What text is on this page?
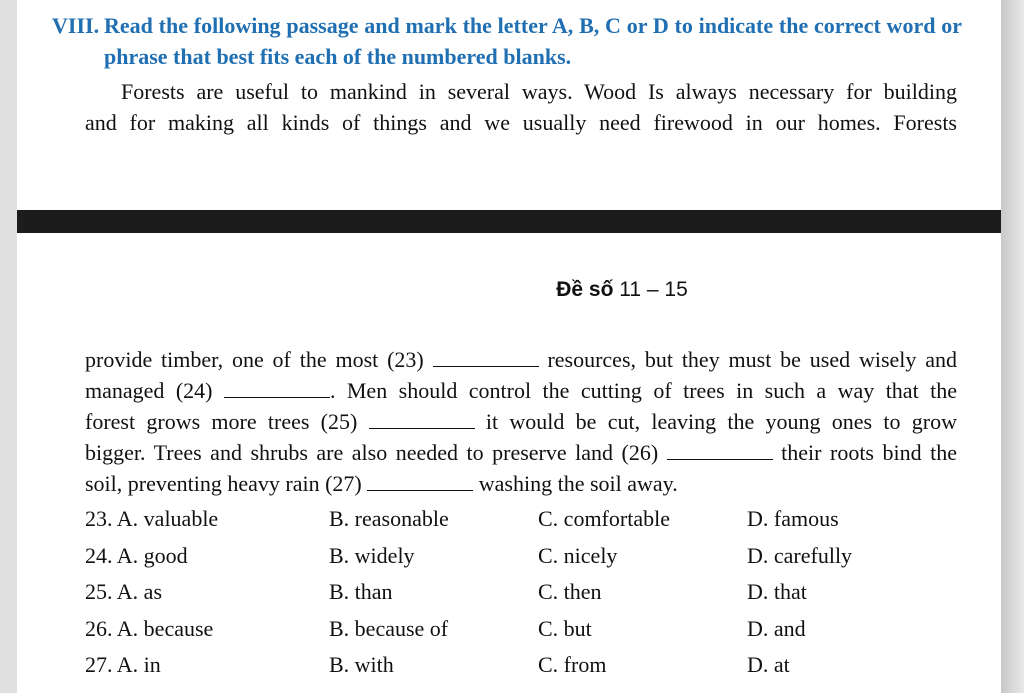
VIII. Read the following passage and mark the letter A, B, C or D to indicate the correct word or phrase that best fits each of the numbered blanks.
Forests are useful to mankind in several ways. Wood Is always necessary for building
and for making all kinds of things and we usually need firewood in our homes. Forests
Đề số 11 – 15
provide timber, one of the most (23)	resources, but they must be used wisely and
managed (24)	. Men should control the cutting of trees in such a way that the
forest grows more trees (25)	it would be cut, leaving the young ones to grow
bigger. Trees and shrubs are also needed to preserve land (26)	their roots bind the
soil, preventing heavy rain (27)	washing the soil away.
23. A. valuable	B. reasonable	C. comfortable	D. famous
24. A. good	B. widely	C. nicely	D. carefully
25. A. as	B. than	C. then	D. that
26. A. because	B. because of	C. but	D. and
27. A. in	B. with	C. from	D. at
